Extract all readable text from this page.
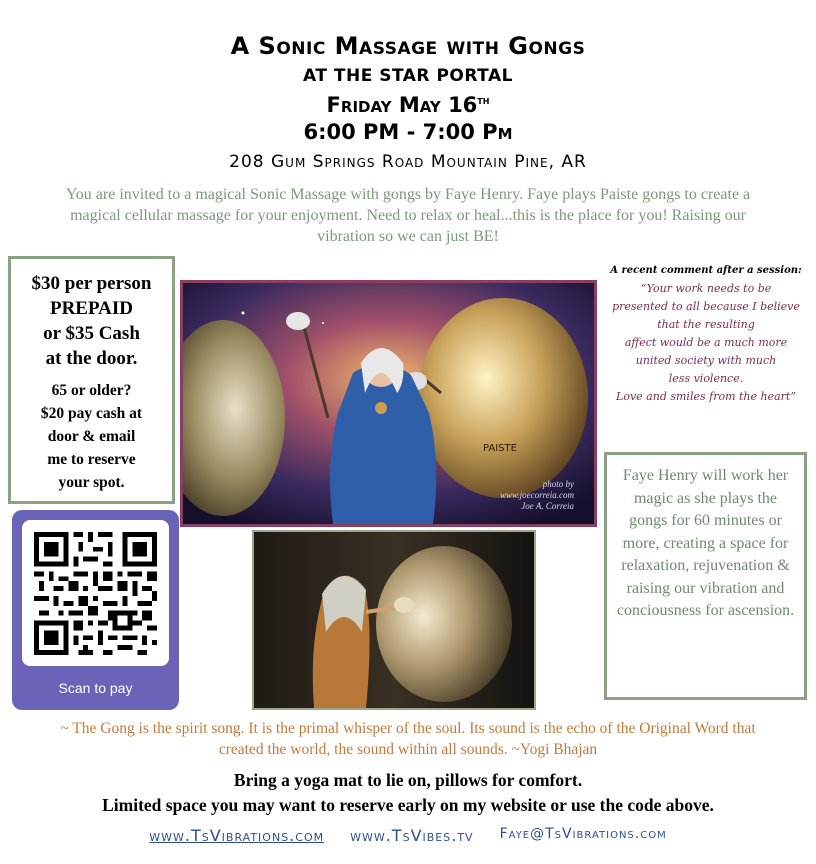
A Sonic Massage with Gongs
AT THE STAR PORTAL
Friday May 16th
6:00 PM - 7:00 Pm
208 Gum Springs Road Mountain Pine, AR

You are invited to a magical Sonic Massage with gongs by Faye Henry. Faye plays Paiste gongs to create a magical cellular massage for your enjoyment. Need to relax or heal...this is the place for you! Raising our vibration so we can just BE!

$30 per person
PREPAID
or $35 Cash
at the door.
65 or older?
$20 pay cash at
door & email
me to reserve
your spot.
Scan to pay
PAISTE
photo by
www.joecorreia.com
Joe A. Correia
A recent comment after a session:
“Your work needs to be
presented to all because I believe
that the resulting
affect would be a much more
united society with much
less violence.
Love and smiles from the heart”
Faye Henry will work her magic as she plays the gongs for 60 minutes or more, creating a space for relaxation, rejuvenation & raising our vibration and conciousness for ascension.

~ The Gong is the spirit song. It is the primal whisper of the soul. Its sound is the echo of the Original Word that created the world, the sound within all sounds. ~Yogi Bhajan

Bring a yoga mat to lie on, pillows for comfort.
Limited space you may want to reserve early on my website or use the code above.
www.TsVibrations.com www.TsVibes.tv Faye@TsVibrations.com
